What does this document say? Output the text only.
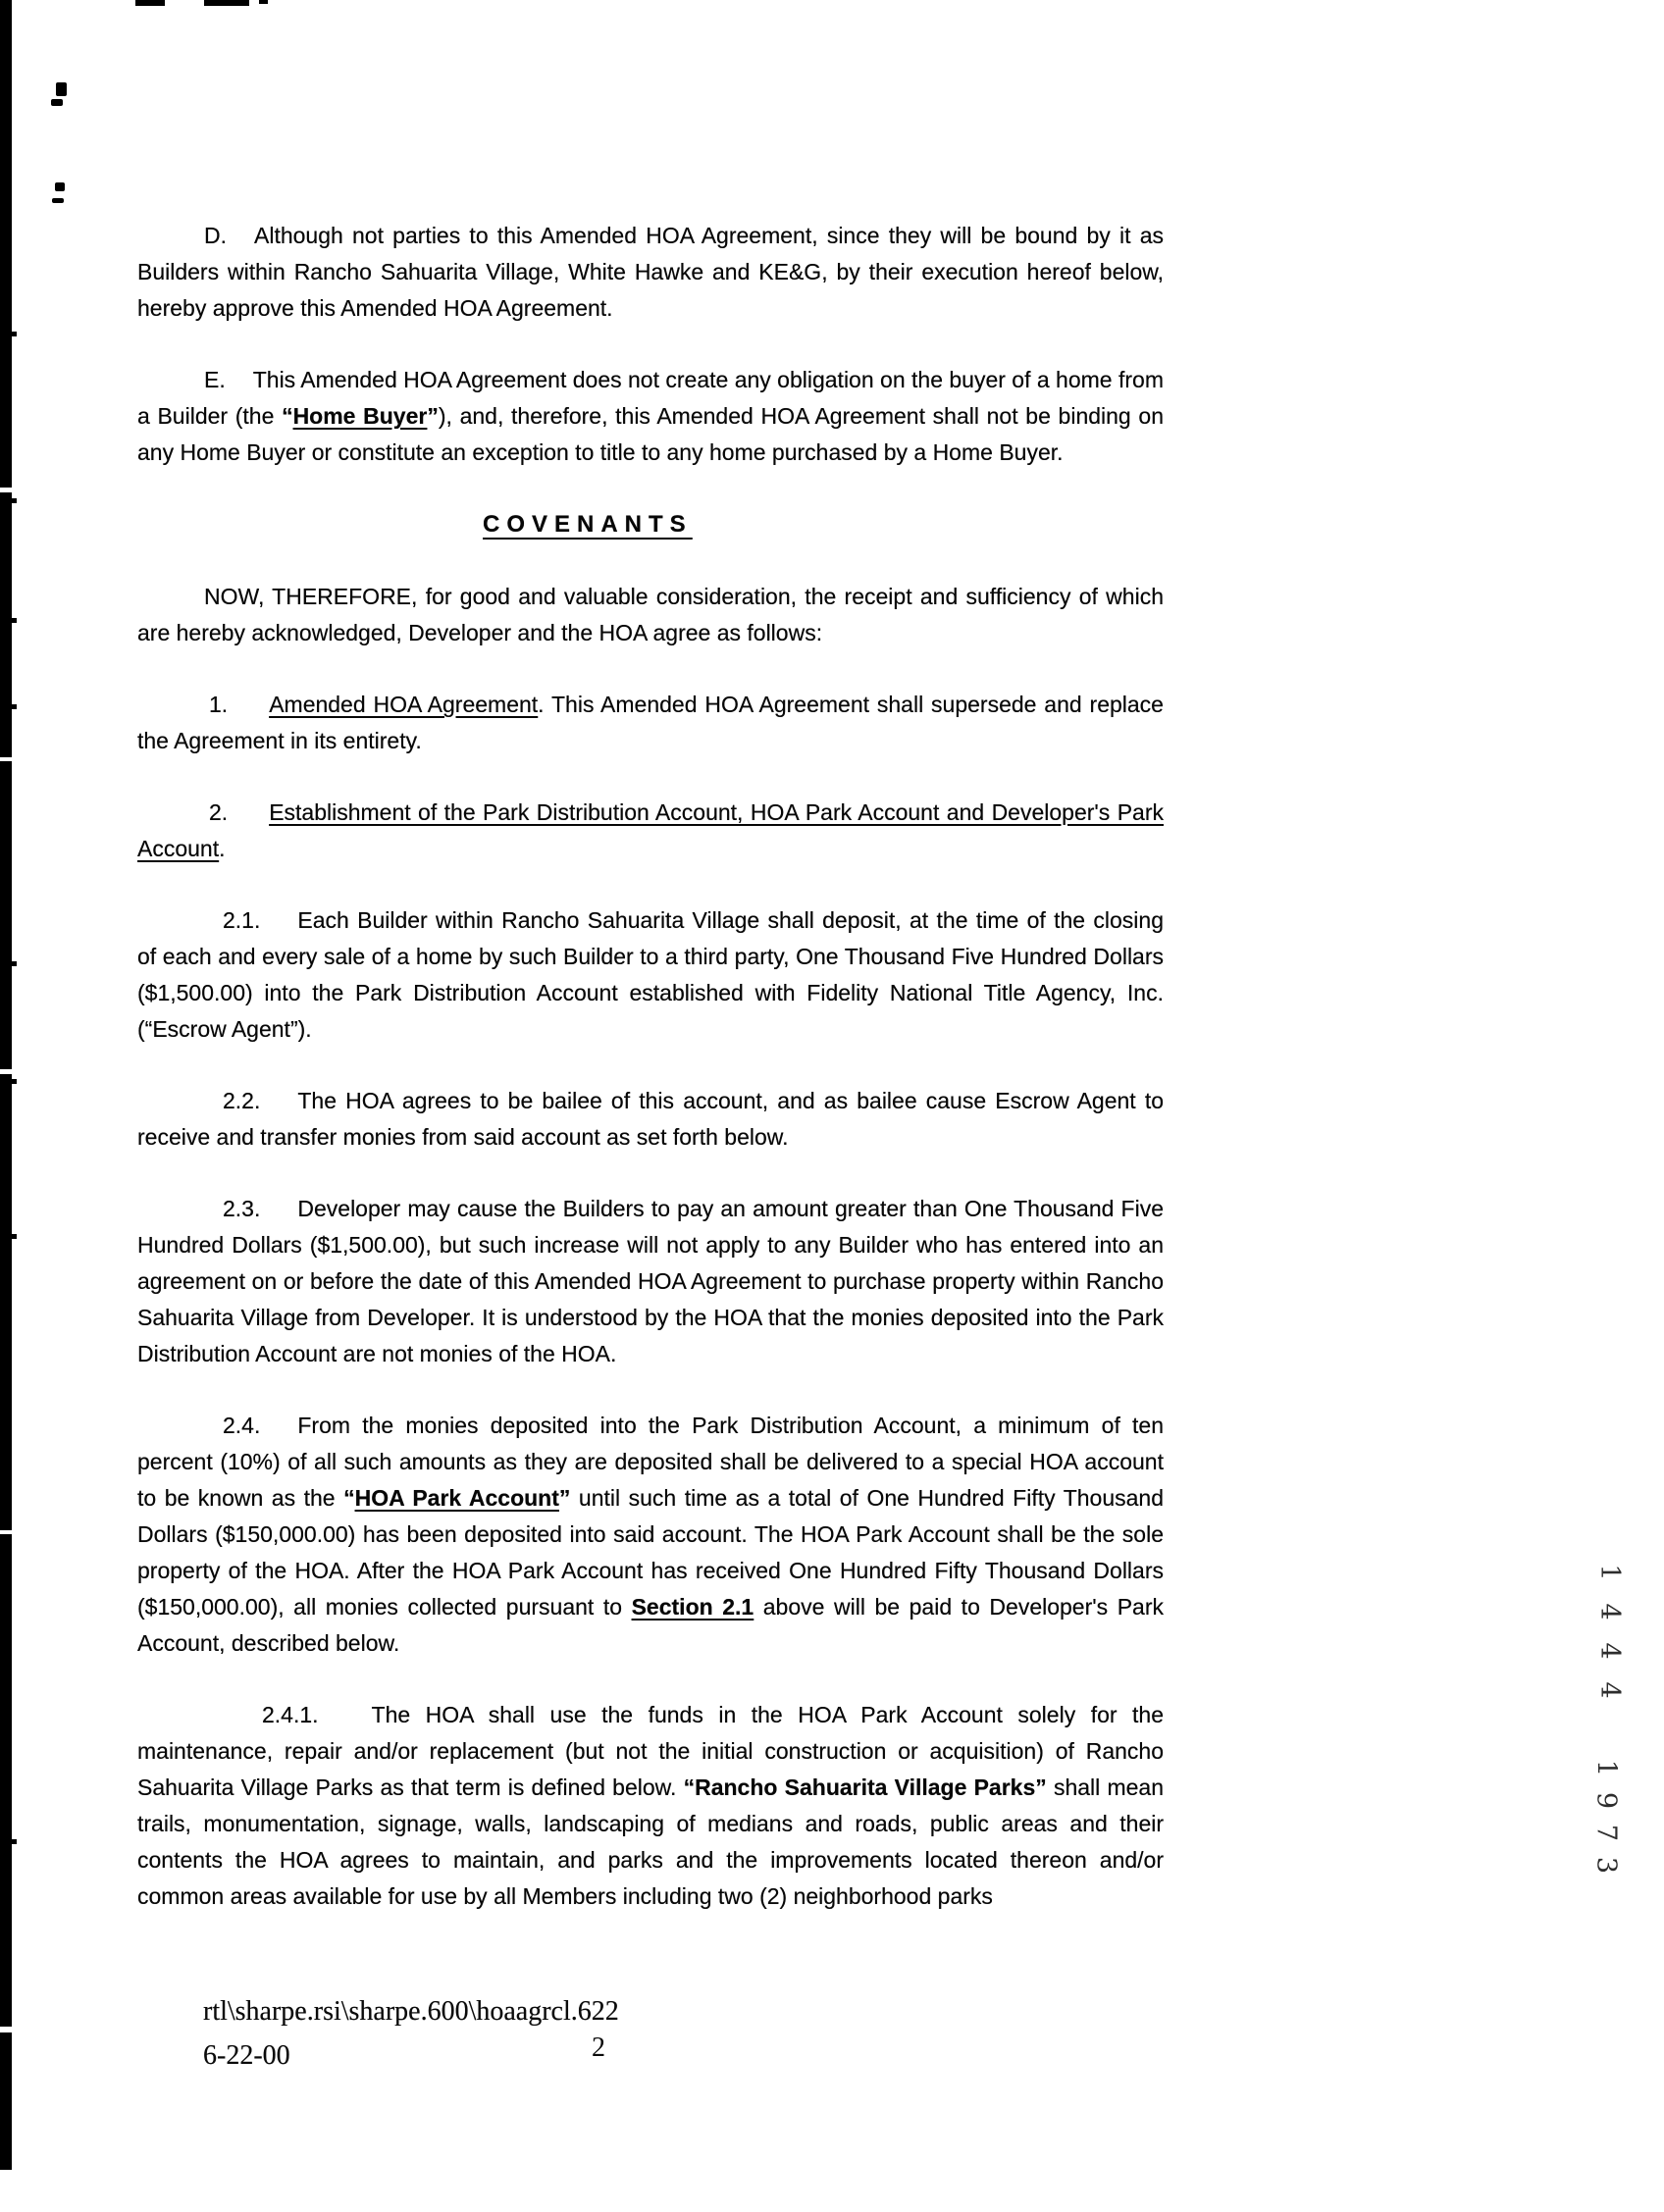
D. Although not parties to this Amended HOA Agreement, since they will be bound by it as Builders within Rancho Sahuarita Village, White Hawke and KE&G, by their execution hereof below, hereby approve this Amended HOA Agreement.

E. This Amended HOA Agreement does not create any obligation on the buyer of a home from a Builder (the “Home Buyer”), and, therefore, this Amended HOA Agreement shall not be binding on any Home Buyer or constitute an exception to title to any home purchased by a Home Buyer.

COVENANTS

NOW, THEREFORE, for good and valuable consideration, the receipt and sufficiency of which are hereby acknowledged, Developer and the HOA agree as follows:

1. Amended HOA Agreement. This Amended HOA Agreement shall supersede and replace the Agreement in its entirety.

2. Establishment of the Park Distribution Account, HOA Park Account and Developer's Park Account.

2.1. Each Builder within Rancho Sahuarita Village shall deposit, at the time of the closing of each and every sale of a home by such Builder to a third party, One Thousand Five Hundred Dollars ($1,500.00) into the Park Distribution Account established with Fidelity National Title Agency, Inc. (“Escrow Agent”).

2.2. The HOA agrees to be bailee of this account, and as bailee cause Escrow Agent to receive and transfer monies from said account as set forth below.

2.3. Developer may cause the Builders to pay an amount greater than One Thousand Five Hundred Dollars ($1,500.00), but such increase will not apply to any Builder who has entered into an agreement on or before the date of this Amended HOA Agreement to purchase property within Rancho Sahuarita Village from Developer. It is understood by the HOA that the monies deposited into the Park Distribution Account are not monies of the HOA.

2.4. From the monies deposited into the Park Distribution Account, a minimum of ten percent (10%) of all such amounts as they are deposited shall be delivered to a special HOA account to be known as the “HOA Park Account” until such time as a total of One Hundred Fifty Thousand Dollars ($150,000.00) has been deposited into said account. The HOA Park Account shall be the sole property of the HOA. After the HOA Park Account has received One Hundred Fifty Thousand Dollars ($150,000.00), all monies collected pursuant to Section 2.1 above will be paid to Developer's Park Account, described below.

2.4.1. The HOA shall use the funds in the HOA Park Account solely for the maintenance, repair and/or replacement (but not the initial construction or acquisition) of Rancho Sahuarita Village Parks as that term is defined below. “Rancho Sahuarita Village Parks” shall mean trails, monumentation, signage, walls, landscaping of medians and roads, public areas and their contents the HOA agrees to maintain, and parks and the improvements located thereon and/or common areas available for use by all Members including two (2) neighborhood parks

rtl\sharpe.rsi\sharpe.600\hoaagrcl.622
6-22-00	2
1
4
4
4
1
9
7
3
